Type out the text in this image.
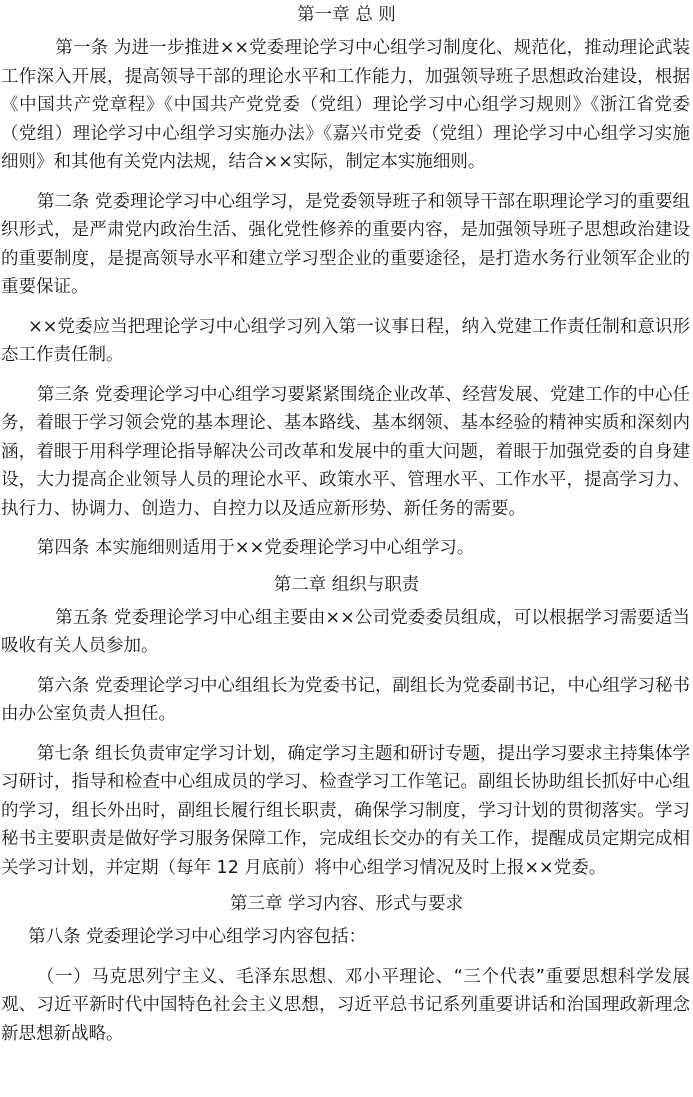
第一章 总 则

第一条 为进一步推进××党委理论学习中心组学习制度化、规范化，推动理论武装工作深入开展，提高领导干部的理论水平和工作能力，加强领导班子思想政治建设，根据《中国共产党章程》《中国共产党党委（党组）理论学习中心组学习规则》《浙江省党委（党组）理论学习中心组学习实施办法》《嘉兴市党委（党组）理论学习中心组学习实施细则》和其他有关党内法规，结合××实际，制定本实施细则。

第二条 党委理论学习中心组学习，是党委领导班子和领导干部在职理论学习的重要组织形式，是严肃党内政治生活、强化党性修养的重要内容，是加强领导班子思想政治建设的重要制度，是提高领导水平和建立学习型企业的重要途径，是打造水务行业领军企业的重要保证。

××党委应当把理论学习中心组学习列入第一议事日程，纳入党建工作责任制和意识形态工作责任制。

第三条 党委理论学习中心组学习要紧紧围绕企业改革、经营发展、党建工作的中心任务，着眼于学习领会党的基本理论、基本路线、基本纲领、基本经验的精神实质和深刻内涵，着眼于用科学理论指导解决公司改革和发展中的重大问题，着眼于加强党委的自身建设，大力提高企业领导人员的理论水平、政策水平、管理水平、工作水平，提高学习力、执行力、协调力、创造力、自控力以及适应新形势、新任务的需要。

第四条 本实施细则适用于××党委理论学习中心组学习。

第二章 组织与职责

第五条 党委理论学习中心组主要由××公司党委委员组成，可以根据学习需要适当吸收有关人员参加。

第六条 党委理论学习中心组组长为党委书记，副组长为党委副书记，中心组学习秘书由办公室负责人担任。

第七条 组长负责审定学习计划，确定学习主题和研讨专题，提出学习要求主持集体学习研讨，指导和检查中心组成员的学习、检查学习工作笔记。副组长协助组长抓好中心组的学习，组长外出时，副组长履行组长职责，确保学习制度，学习计划的贯彻落实。学习秘书主要职责是做好学习服务保障工作，完成组长交办的有关工作，提醒成员定期完成相关学习计划，并定期（每年 12 月底前）将中心组学习情况及时上报××党委。

第三章 学习内容、形式与要求

第八条 党委理论学习中心组学习内容包括：

（一）马克思列宁主义、毛泽东思想、邓小平理论、“三个代表”重要思想科学发展观、习近平新时代中国特色社会主义思想，习近平总书记系列重要讲话和治国理政新理念新思想新战略。
